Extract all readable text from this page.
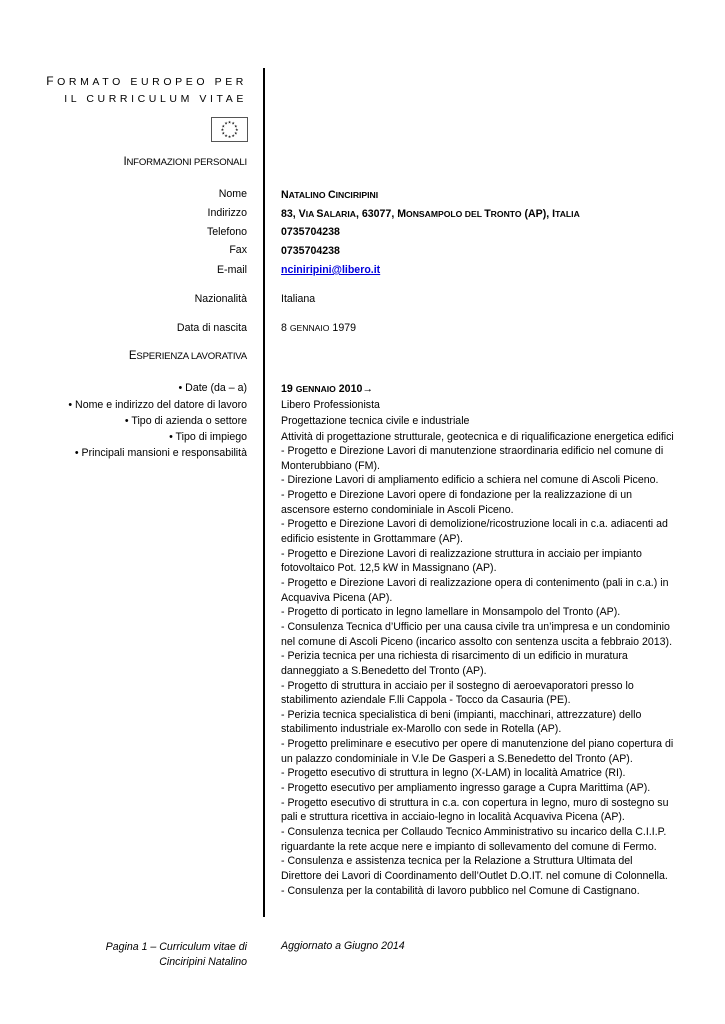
FORMATO EUROPEO PER
IL CURRICULUM VITAE
★ ★
★
★
★
★
★
★
★
★
★
★
INFORMAZIONI PERSONALI
Nome	NATALINO CINCIRIPINI
Indirizzo	83, VIA SALARIA, 63077, MONSAMPOLO DEL TRONTO (AP), ITALIA
Telefono	0735704238
Fax	0735704238
E-mail	nciniripini@libero.it
Nazionalità	Italiana
Data di nascita	8 GENNAIO 1979
ESPERIENZA LAVORATIVA
• Date (da – a)	19 GENNAIO 2010→
• Nome e indirizzo del datore di lavoro	Libero Professionista
• Tipo di azienda o settore	Progettazione tecnica civile e industriale
• Tipo di impiego	Attività di progettazione strutturale, geotecnica e di riqualificazione energetica edifici
• Principali mansioni e responsabilità	- Progetto e Direzione Lavori di manutenzione straordinaria edificio nel comune di
Monterubbiano (FM).
- Direzione Lavori di ampliamento edificio a schiera nel comune di Ascoli Piceno.
- Progetto e Direzione Lavori opere di fondazione per la realizzazione di un
ascensore esterno condominiale in Ascoli Piceno.
- Progetto e Direzione Lavori di demolizione/ricostruzione locali in c.a. adiacenti ad
edificio esistente in Grottammare (AP).
- Progetto e Direzione Lavori di realizzazione struttura in acciaio per impianto
fotovoltaico Pot. 12,5 kW in Massignano (AP).
- Progetto e Direzione Lavori di realizzazione opera di contenimento (pali in c.a.) in
Acquaviva Picena (AP).
- Progetto di porticato in legno lamellare in Monsampolo del Tronto (AP).
- Consulenza Tecnica d’Ufficio per una causa civile tra un’impresa e un condominio
nel comune di Ascoli Piceno (incarico assolto con sentenza uscita a febbraio 2013).
- Perizia tecnica per una richiesta di risarcimento di un edificio in muratura
danneggiato a S.Benedetto del Tronto (AP).
- Progetto di struttura in acciaio per il sostegno di aeroevaporatori presso lo
stabilimento aziendale F.lli Cappola - Tocco da Casauria (PE).
- Perizia tecnica specialistica di beni (impianti, macchinari, attrezzature) dello
stabilimento industriale ex-Marollo con sede in Rotella (AP).
- Progetto preliminare e esecutivo per opere di manutenzione del piano copertura di
un palazzo condominiale in V.le De Gasperi a S.Benedetto del Tronto (AP).
- Progetto esecutivo di struttura in legno (X-LAM) in località Amatrice (RI).
- Progetto esecutivo per ampliamento ingresso garage a Cupra Marittima (AP).
- Progetto esecutivo di struttura in c.a. con copertura in legno, muro di sostegno su
pali e struttura ricettiva in acciaio-legno in località Acquaviva Picena (AP).
- Consulenza tecnica per Collaudo Tecnico Amministrativo su incarico della C.I.I.P.
riguardante la rete acque nere e impianto di sollevamento del comune di Fermo.
- Consulenza e assistenza tecnica per la Relazione a Struttura Ultimata del
Direttore dei Lavori di Coordinamento dell’Outlet D.O.IT. nel comune di Colonnella.
- Consulenza per la contabilità di lavoro pubblico nel Comune di Castignano.
Pagina 1 – Curriculum vitae di
Cinciripini Natalino
Aggiornato a Giugno 2014
